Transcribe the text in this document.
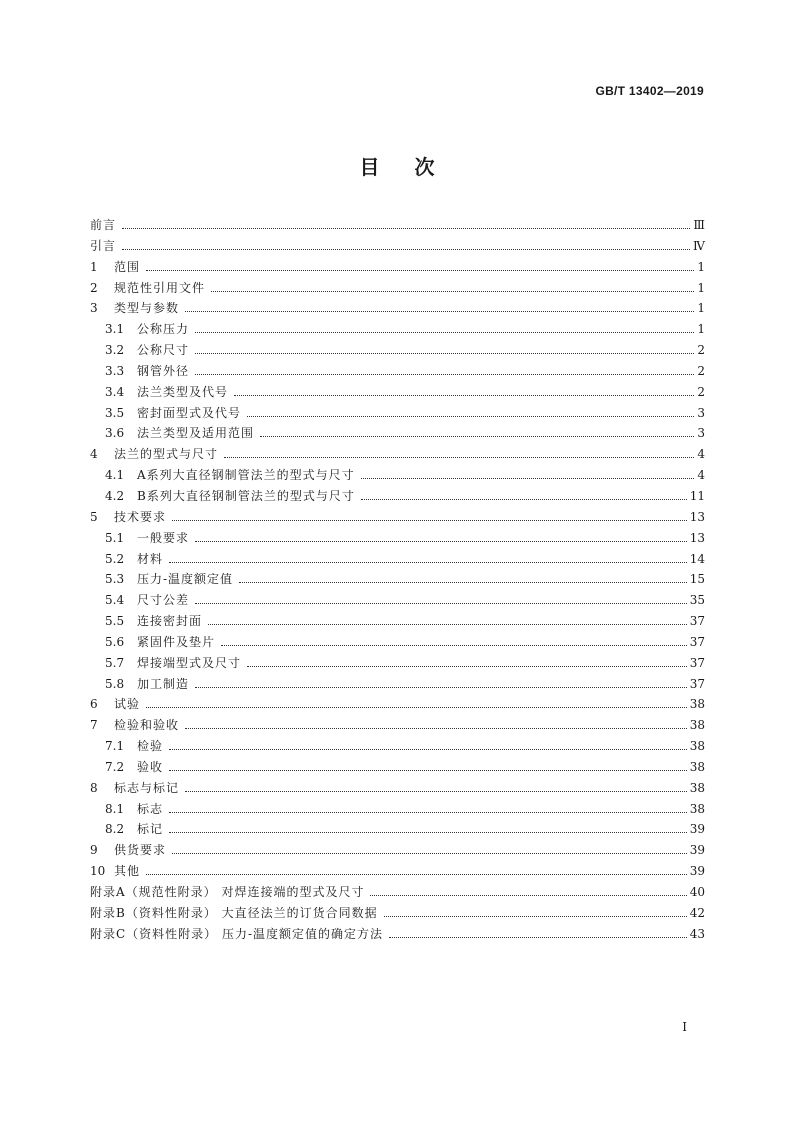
GB/T 13402—2019
目 次
前言	Ⅲ
引言	Ⅳ
1	范围	1
2	规范性引用文件	1
3	类型与参数	1
3.1	公称压力	1
3.2	公称尺寸	2
3.3	钢管外径	2
3.4	法兰类型及代号	2
3.5	密封面型式及代号	3
3.6	法兰类型及适用范围	3
4	法兰的型式与尺寸	4
4.1	A系列大直径钢制管法兰的型式与尺寸	4
4.2	B系列大直径钢制管法兰的型式与尺寸	11
5	技术要求	13
5.1	一般要求	13
5.2	材料	14
5.3	压力-温度额定值	15
5.4	尺寸公差	35
5.5	连接密封面	37
5.6	紧固件及垫片	37
5.7	焊接端型式及尺寸	37
5.8	加工制造	37
6	试验	38
7	检验和验收	38
7.1	检验	38
7.2	验收	38
8	标志与标记	38
8.1	标志	38
8.2	标记	39
9	供货要求	39
10 其他	39
附录A（规范性附录） 对焊连接端的型式及尺寸	40
附录B（资料性附录） 大直径法兰的订货合同数据	42
附录C（资料性附录） 压力-温度额定值的确定方法	43
I
